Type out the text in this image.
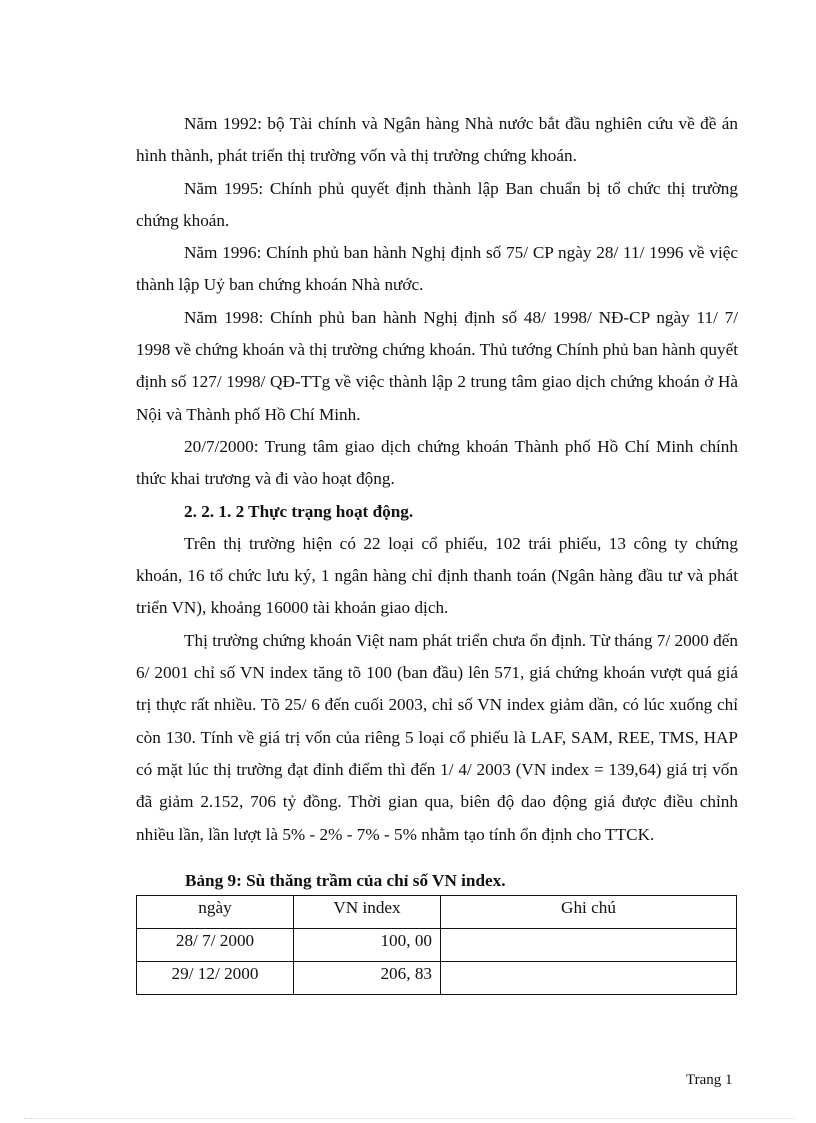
Năm 1992: bộ Tài chính và Ngân hàng Nhà nước bắt đầu nghiên cứu về đề án hình thành, phát triển thị trường vốn và thị trường chứng khoán.

Năm 1995: Chính phủ quyết định thành lập Ban chuẩn bị tổ chức thị trường chứng khoán.

Năm 1996: Chính phủ ban hành Nghị định số 75/ CP ngày 28/ 11/ 1996 về việc thành lập Uỷ ban chứng khoán Nhà nước.

Năm 1998: Chính phủ ban hành Nghị định số 48/ 1998/ NĐ-CP ngày 11/ 7/ 1998 về chứng khoán và thị trường chứng khoán. Thủ tướng Chính phủ ban hành quyết định số 127/ 1998/ QĐ-TTg về việc thành lập 2 trung tâm giao dịch chứng khoán ở Hà Nội và Thành phố Hồ Chí Minh.

20/7/2000: Trung tâm giao dịch chứng khoán Thành phố Hồ Chí Minh chính thức khai trương và đi vào hoạt động.

2. 2. 1. 2 Thực trạng hoạt động.

Trên thị trường hiện có 22 loại cổ phiếu, 102 trái phiếu, 13 công ty chứng khoán, 16 tổ chức lưu ký, 1 ngân hàng chỉ định thanh toán (Ngân hàng đầu tư và phát triển VN), khoảng 16000 tài khoản giao dịch.

Thị trường chứng khoán Việt nam phát triển chưa ổn định. Từ tháng 7/ 2000 đến 6/ 2001 chỉ số VN index tăng tõ 100 (ban đầu) lên 571, giá chứng khoán vượt quá giá trị thực rất nhiều. Tõ 25/ 6 đến cuối 2003, chỉ số VN index giảm dần, có lúc xuống chỉ còn 130. Tính về giá trị vốn của riêng 5 loại cổ phiếu là LAF, SAM, REE, TMS, HAP có mặt lúc thị trường đạt đỉnh điểm thì đến 1/ 4/ 2003 (VN index = 139,64) giá trị vốn đã giảm 2.152, 706 tỷ đồng. Thời gian qua, biên độ dao động giá được điều chỉnh nhiều lần, lần lượt là 5% - 2% - 7% - 5% nhằm tạo tính ổn định cho TTCK.

Bảng 9: Sù thăng trầm của chỉ số VN index.

ngày	VN index	Ghi chú
28/ 7/ 2000	100, 00	
29/ 12/ 2000	206, 83	
Trang 1
